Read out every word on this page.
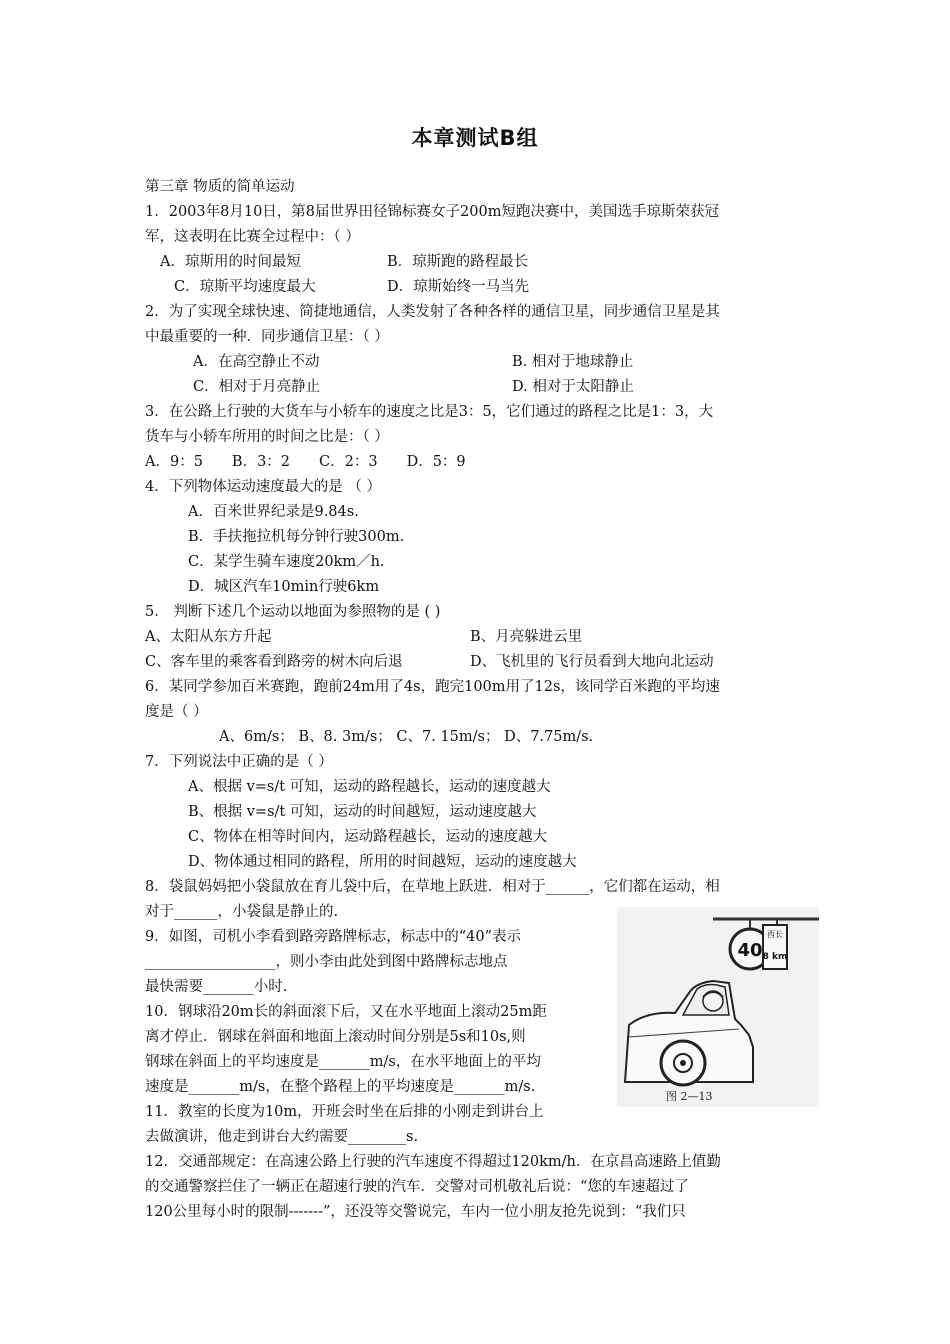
本章测试B组
第三章 物质的简单运动
1．2003年8月10日，第8届世界田径锦标赛女子200m短跑决赛中，美国选手琼斯荣获冠
军，这表明在比赛全过程中：（ ）
A．琼斯用的时间最短	B．琼斯跑的路程最长
C．琼斯平均速度最大	D．琼斯始终一马当先
2．为了实现全球快速、简捷地通信，人类发射了各种各样的通信卫星，同步通信卫星是其
中最重要的一种．同步通信卫星：（ ）
A．在高空静止不动	B. 相对于地球静止
C．相对于月亮静止	D. 相对于太阳静止
3．在公路上行驶的大货车与小轿车的速度之比是3：5，它们通过的路程之比是1：3，大
货车与小轿车所用的时间之比是：（ ）
A．9：5　　B．3：2　　C．2：3　　D．5：9
4．下列物体运动速度最大的是 （ ）
A．百米世界纪录是9.84s.
B．手扶拖拉机每分钟行驶300m.
C．某学生骑车速度20km／h.
D．城区汽车10min行驶6km
5． 判断下述几个运动以地面为参照物的是 ( )
A、太阳从东方升起	B、月亮躲进云里
C、客车里的乘客看到路旁的树木向后退	D、飞机里的飞行员看到大地向北运动
6．某同学参加百米赛跑，跑前24m用了4s，跑完100m用了12s，该同学百米跑的平均速
度是（ ）
A、6m/s； B、8. 3m/s； C、7. 15m/s； D、7.75m/s.
7．下列说法中正确的是（ ）
A、根据 v=s/t 可知，运动的路程越长，运动的速度越大
B、根据 v=s/t 可知，运动的时间越短，运动速度越大
C、物体在相等时间内，运动路程越长，运动的速度越大
D、物体通过相同的路程，所用的时间越短，运动的速度越大
8．袋鼠妈妈把小袋鼠放在育儿袋中后，在草地上跃进．相对于______，它们都在运动，相
对于______，小袋鼠是静止的.
9．如图，司机小李看到路旁路牌标志，标志中的“40”表示
__________________，则小李由此处到图中路牌标志地点
最快需要_______小时.
10．钢球沿20m长的斜面滚下后，又在水平地面上滚动25m距
离才停止．钢球在斜面和地面上滚动时间分别是5s和10s,则
钢球在斜面上的平均速度是_______m/s，在水平地面上的平均
速度是_______m/s，在整个路程上的平均速度是_______m/s.
11．教室的长度为10m，开班会时坐在后排的小刚走到讲台上
去做演讲，他走到讲台大约需要________s.
12．交通部规定：在高速公路上行驶的汽车速度不得超过120km/h．在京昌高速路上值勤
的交通警察拦住了一辆正在超速行驶的汽车．交警对司机敬礼后说：“您的车速超过了
120公里每小时的限制-------”，还没等交警说完，车内一位小朋友抢先说到：“我们只
40
西长
8 km
图 2—13
